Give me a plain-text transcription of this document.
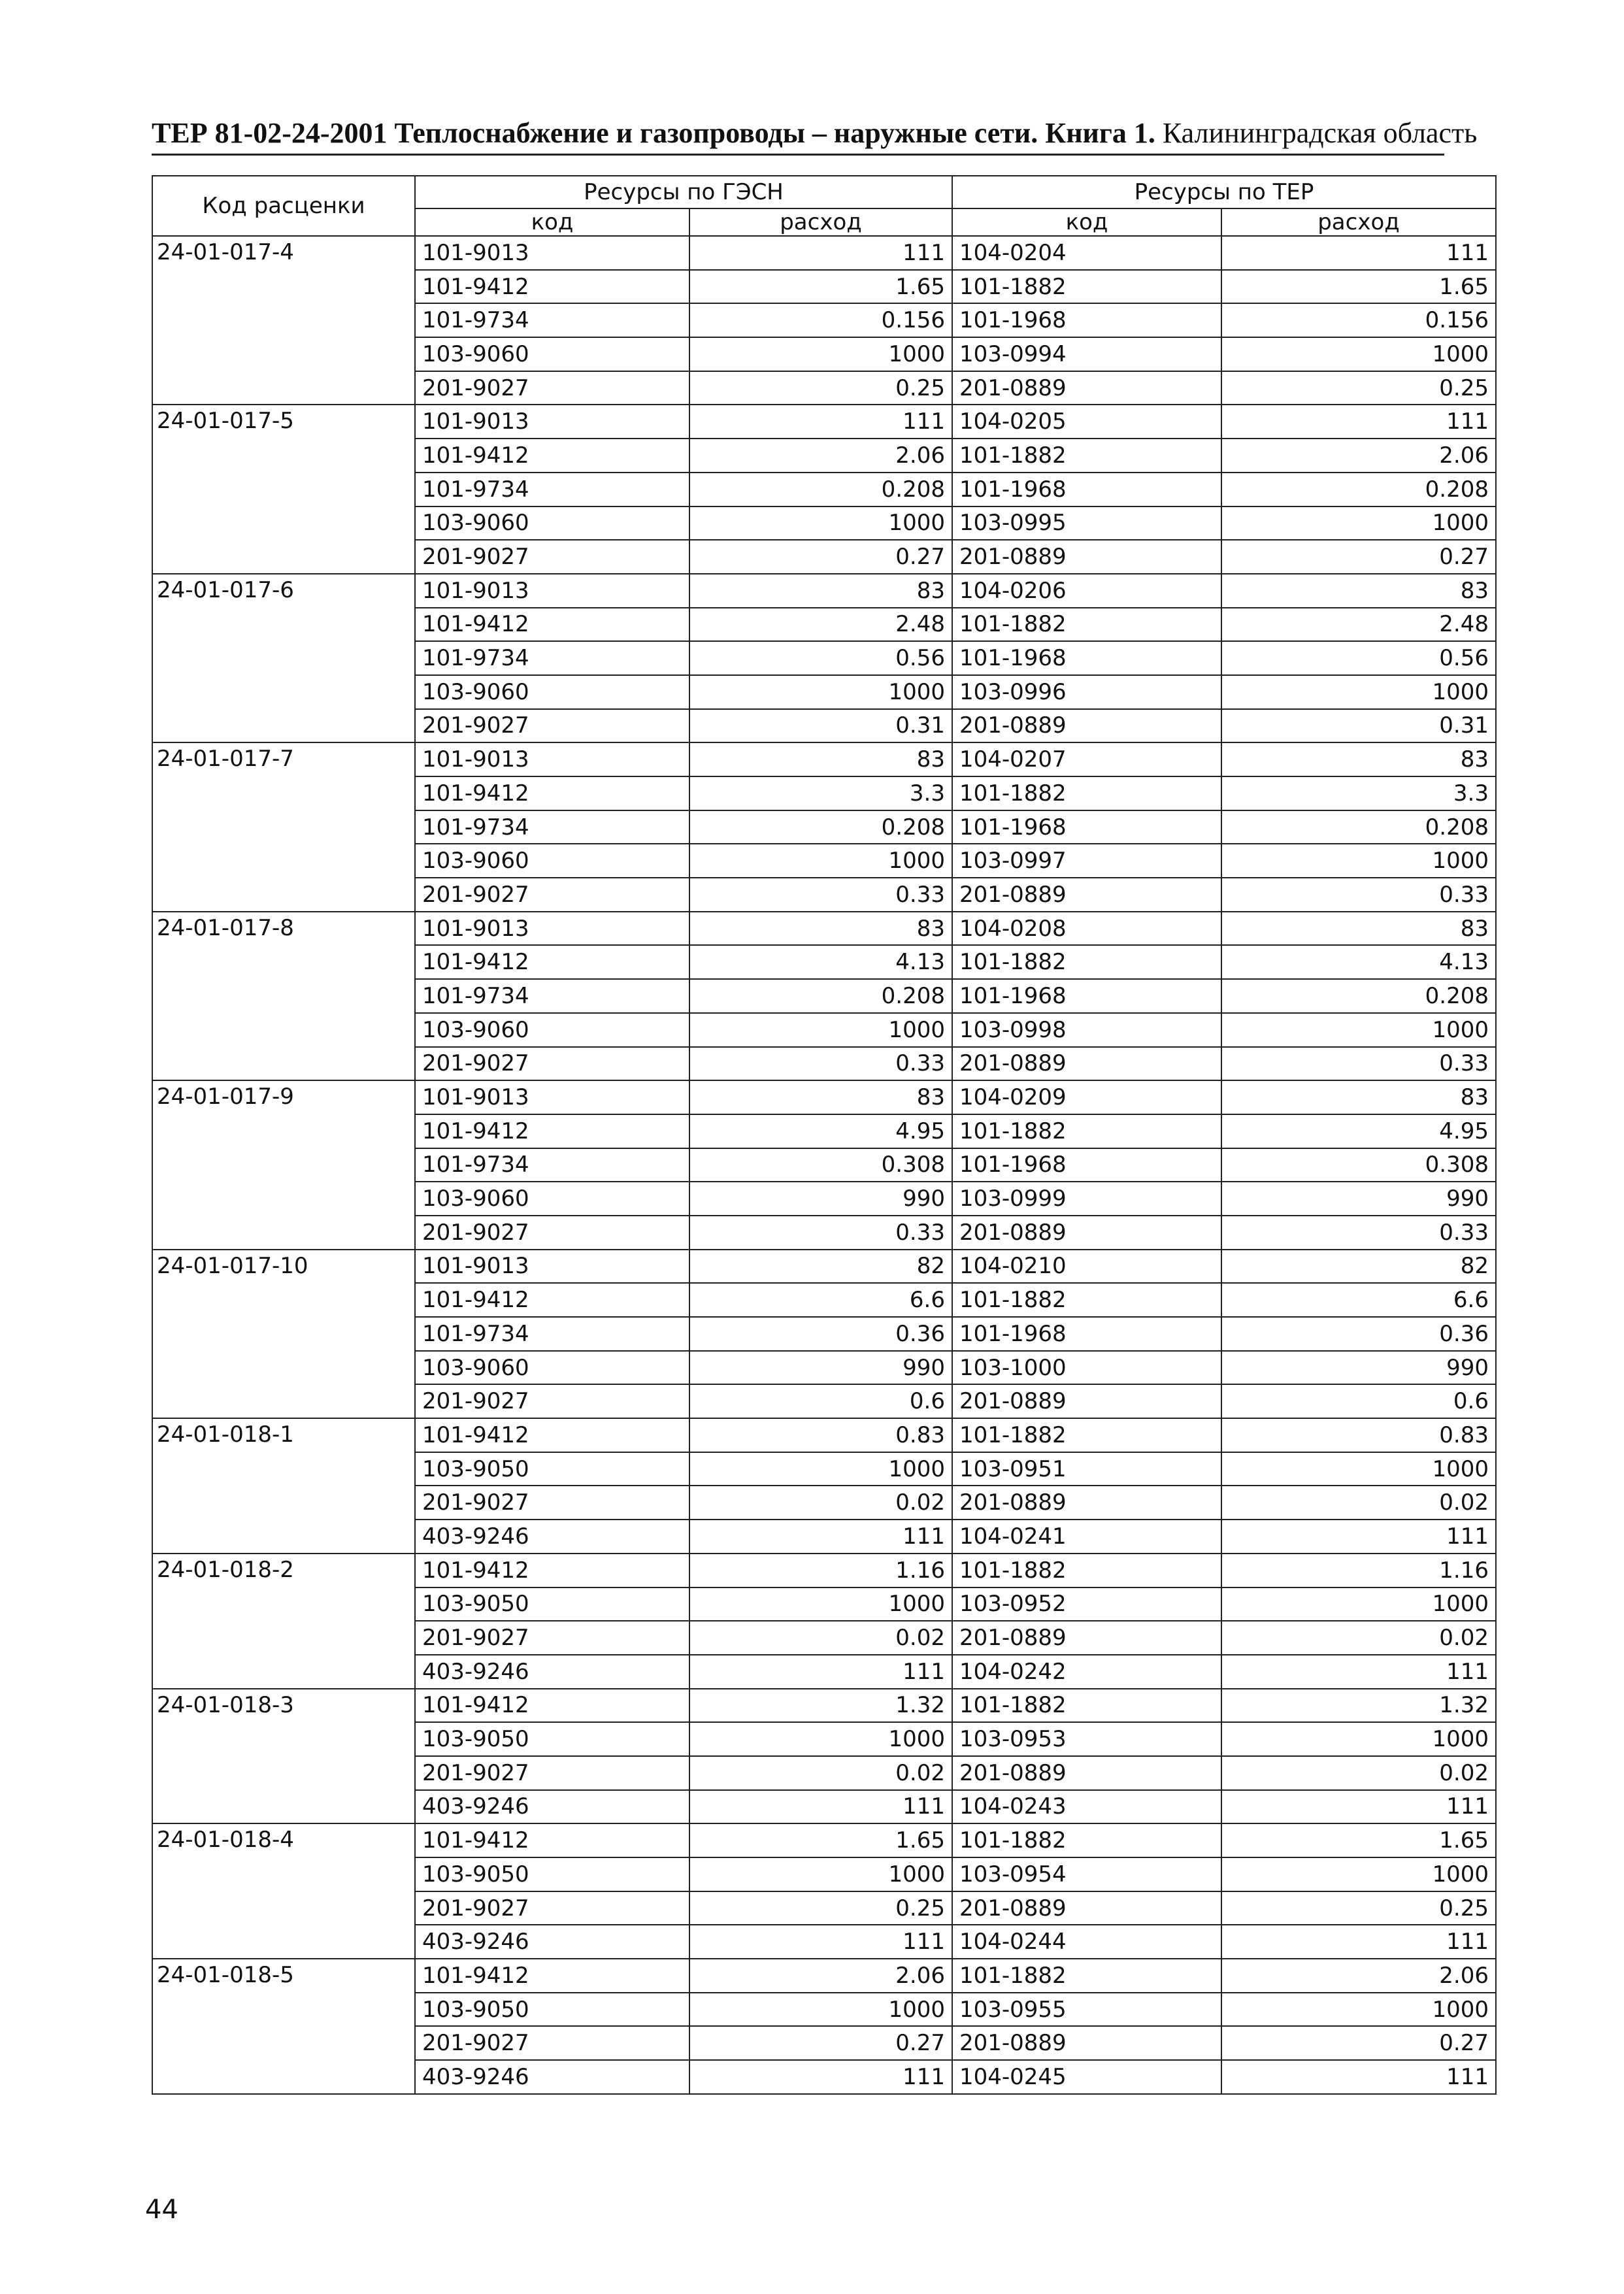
ТЕР 81-02-24-2001 Теплоснабжение и газопроводы – наружные сети. Книга 1. Калининградская область
Код расценки	Ресурсы по ГЭСН		Ресурсы по ТЕР	
	код	расход	код	расход
24-01-017-4	101-9013	111	104-0204	111
	101-9412	1.65	101-1882	1.65
	101-9734	0.156	101-1968	0.156
	103-9060	1000	103-0994	1000
	201-9027	0.25	201-0889	0.25
24-01-017-5	101-9013	111	104-0205	111
	101-9412	2.06	101-1882	2.06
	101-9734	0.208	101-1968	0.208
	103-9060	1000	103-0995	1000
	201-9027	0.27	201-0889	0.27
24-01-017-6	101-9013	83	104-0206	83
	101-9412	2.48	101-1882	2.48
	101-9734	0.56	101-1968	0.56
	103-9060	1000	103-0996	1000
	201-9027	0.31	201-0889	0.31
24-01-017-7	101-9013	83	104-0207	83
	101-9412	3.3	101-1882	3.3
	101-9734	0.208	101-1968	0.208
	103-9060	1000	103-0997	1000
	201-9027	0.33	201-0889	0.33
24-01-017-8	101-9013	83	104-0208	83
	101-9412	4.13	101-1882	4.13
	101-9734	0.208	101-1968	0.208
	103-9060	1000	103-0998	1000
	201-9027	0.33	201-0889	0.33
24-01-017-9	101-9013	83	104-0209	83
	101-9412	4.95	101-1882	4.95
	101-9734	0.308	101-1968	0.308
	103-9060	990	103-0999	990
	201-9027	0.33	201-0889	0.33
24-01-017-10	101-9013	82	104-0210	82
	101-9412	6.6	101-1882	6.6
	101-9734	0.36	101-1968	0.36
	103-9060	990	103-1000	990
	201-9027	0.6	201-0889	0.6
24-01-018-1	101-9412	0.83	101-1882	0.83
	103-9050	1000	103-0951	1000
	201-9027	0.02	201-0889	0.02
	403-9246	111	104-0241	111
24-01-018-2	101-9412	1.16	101-1882	1.16
	103-9050	1000	103-0952	1000
	201-9027	0.02	201-0889	0.02
	403-9246	111	104-0242	111
24-01-018-3	101-9412	1.32	101-1882	1.32
	103-9050	1000	103-0953	1000
	201-9027	0.02	201-0889	0.02
	403-9246	111	104-0243	111
24-01-018-4	101-9412	1.65	101-1882	1.65
	103-9050	1000	103-0954	1000
	201-9027	0.25	201-0889	0.25
	403-9246	111	104-0244	111
24-01-018-5	101-9412	2.06	101-1882	2.06
	103-9050	1000	103-0955	1000
	201-9027	0.27	201-0889	0.27
	403-9246	111	104-0245	111
44
